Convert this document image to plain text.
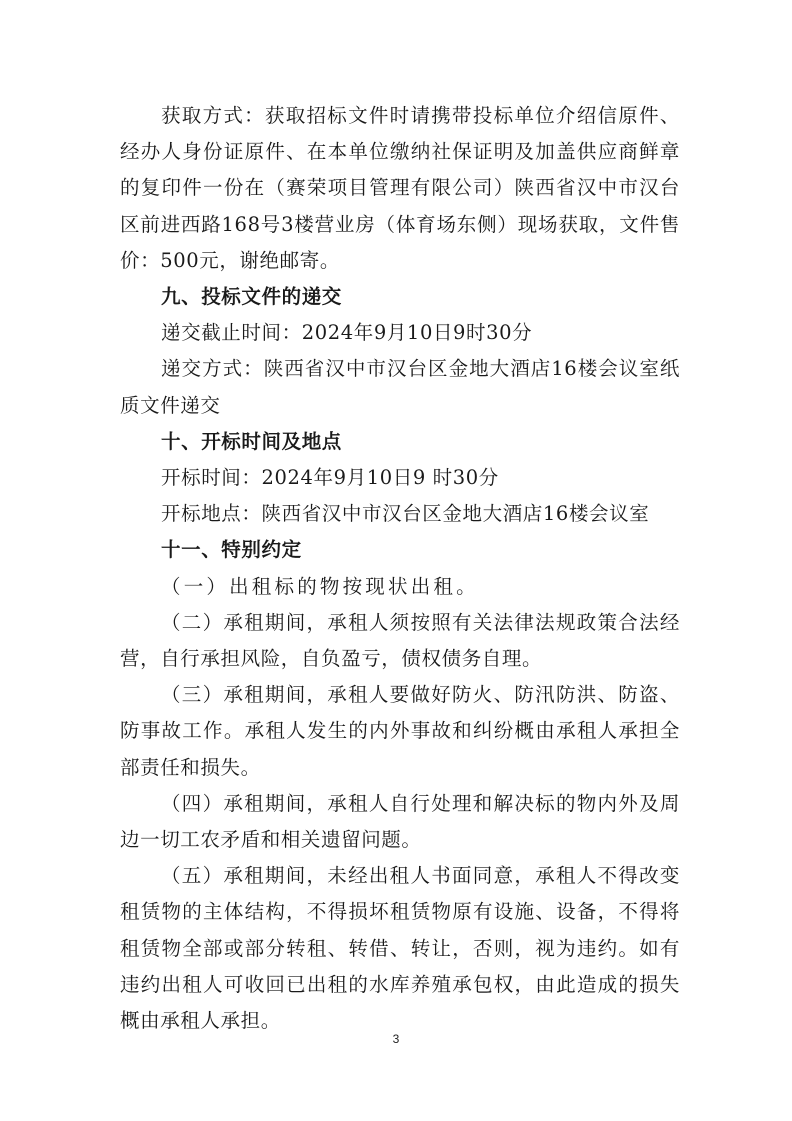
获取方式：获取招标文件时请携带投标单位介绍信原件、经办人身份证原件、在本单位缴纳社保证明及加盖供应商鲜章的复印件一份在（赛荣项目管理有限公司）陕西省汉中市汉台区前进西路168号3楼营业房（体育场东侧）现场获取，文件售价：500元，谢绝邮寄。

九、投标文件的递交

递交截止时间：2024年9月10日9时30分

递交方式：陕西省汉中市汉台区金地大酒店16楼会议室纸质文件递交

十、开标时间及地点

开标时间：2024年9月10日9 时30分

开标地点：陕西省汉中市汉台区金地大酒店16楼会议室

十一、特别约定

（一）出租标的物按现状出租。

（二）承租期间，承租人须按照有关法律法规政策合法经营，自行承担风险，自负盈亏，债权债务自理。

（三）承租期间，承租人要做好防火、防汛防洪、防盗、防事故工作。承租人发生的内外事故和纠纷概由承租人承担全部责任和损失。

（四）承租期间，承租人自行处理和解决标的物内外及周边一切工农矛盾和相关遗留问题。

（五）承租期间，未经出租人书面同意，承租人不得改变租赁物的主体结构，不得损坏租赁物原有设施、设备，不得将租赁物全部或部分转租、转借、转让，否则，视为违约。如有违约出租人可收回已出租的水库养殖承包权，由此造成的损失概由承租人承担。

3
